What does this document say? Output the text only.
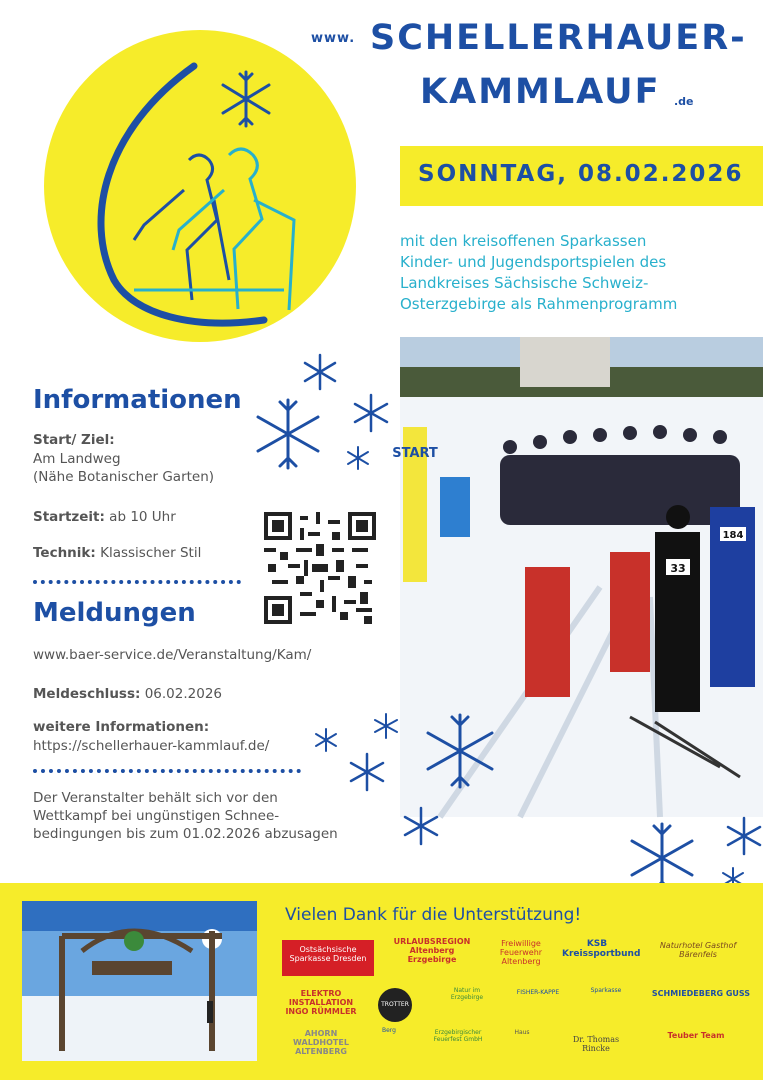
www. SCHELLERHAUER-
KAMMLAUF .de
SONNTAG, 08.02.2026
mit den kreisoffenen Sparkassen
Kinder- und Jugendsportspielen des
Landkreises Sächsische Schweiz-
Osterzgebirge als Rahmenprogramm
START
33
184
Informationen
Start/ Ziel:
Am Landweg
(Nähe Botanischer Garten)
Startzeit: ab 10 Uhr
Technik: Klassischer Stil
Meldungen
www.baer-service.de/Veranstaltung/Kam/
Meldeschluss: 06.02.2026
weitere Informationen:
https://schellerhauer-kammlauf.de/
Der Veranstalter behält sich vor den
Wettkampf bei ungünstigen Schnee-
bedingungen bis zum 01.02.2026 abzusagen
Vielen Dank für die Unterstützung!
Ostsächsische Sparkasse Dresden
URLAUBSREGION Altenberg Erzgebirge
Freiwillige Feuerwehr Altenberg
KSB Kreissportbund
Naturhotel Gasthof Bärenfels
ELEKTRO INSTALLATION INGO RÜMMLER
TROTTER
Natur im Erzgebirge
FISHER-KAPPE	Sparkasse	SCHMIEDEBERG GUSS
AHORN WALDHOTEL ALTENBERG
Berg	Erzgebirgischer Feuerfest GmbH
Haus
Dr. Thomas Rincke
Teuber Team
